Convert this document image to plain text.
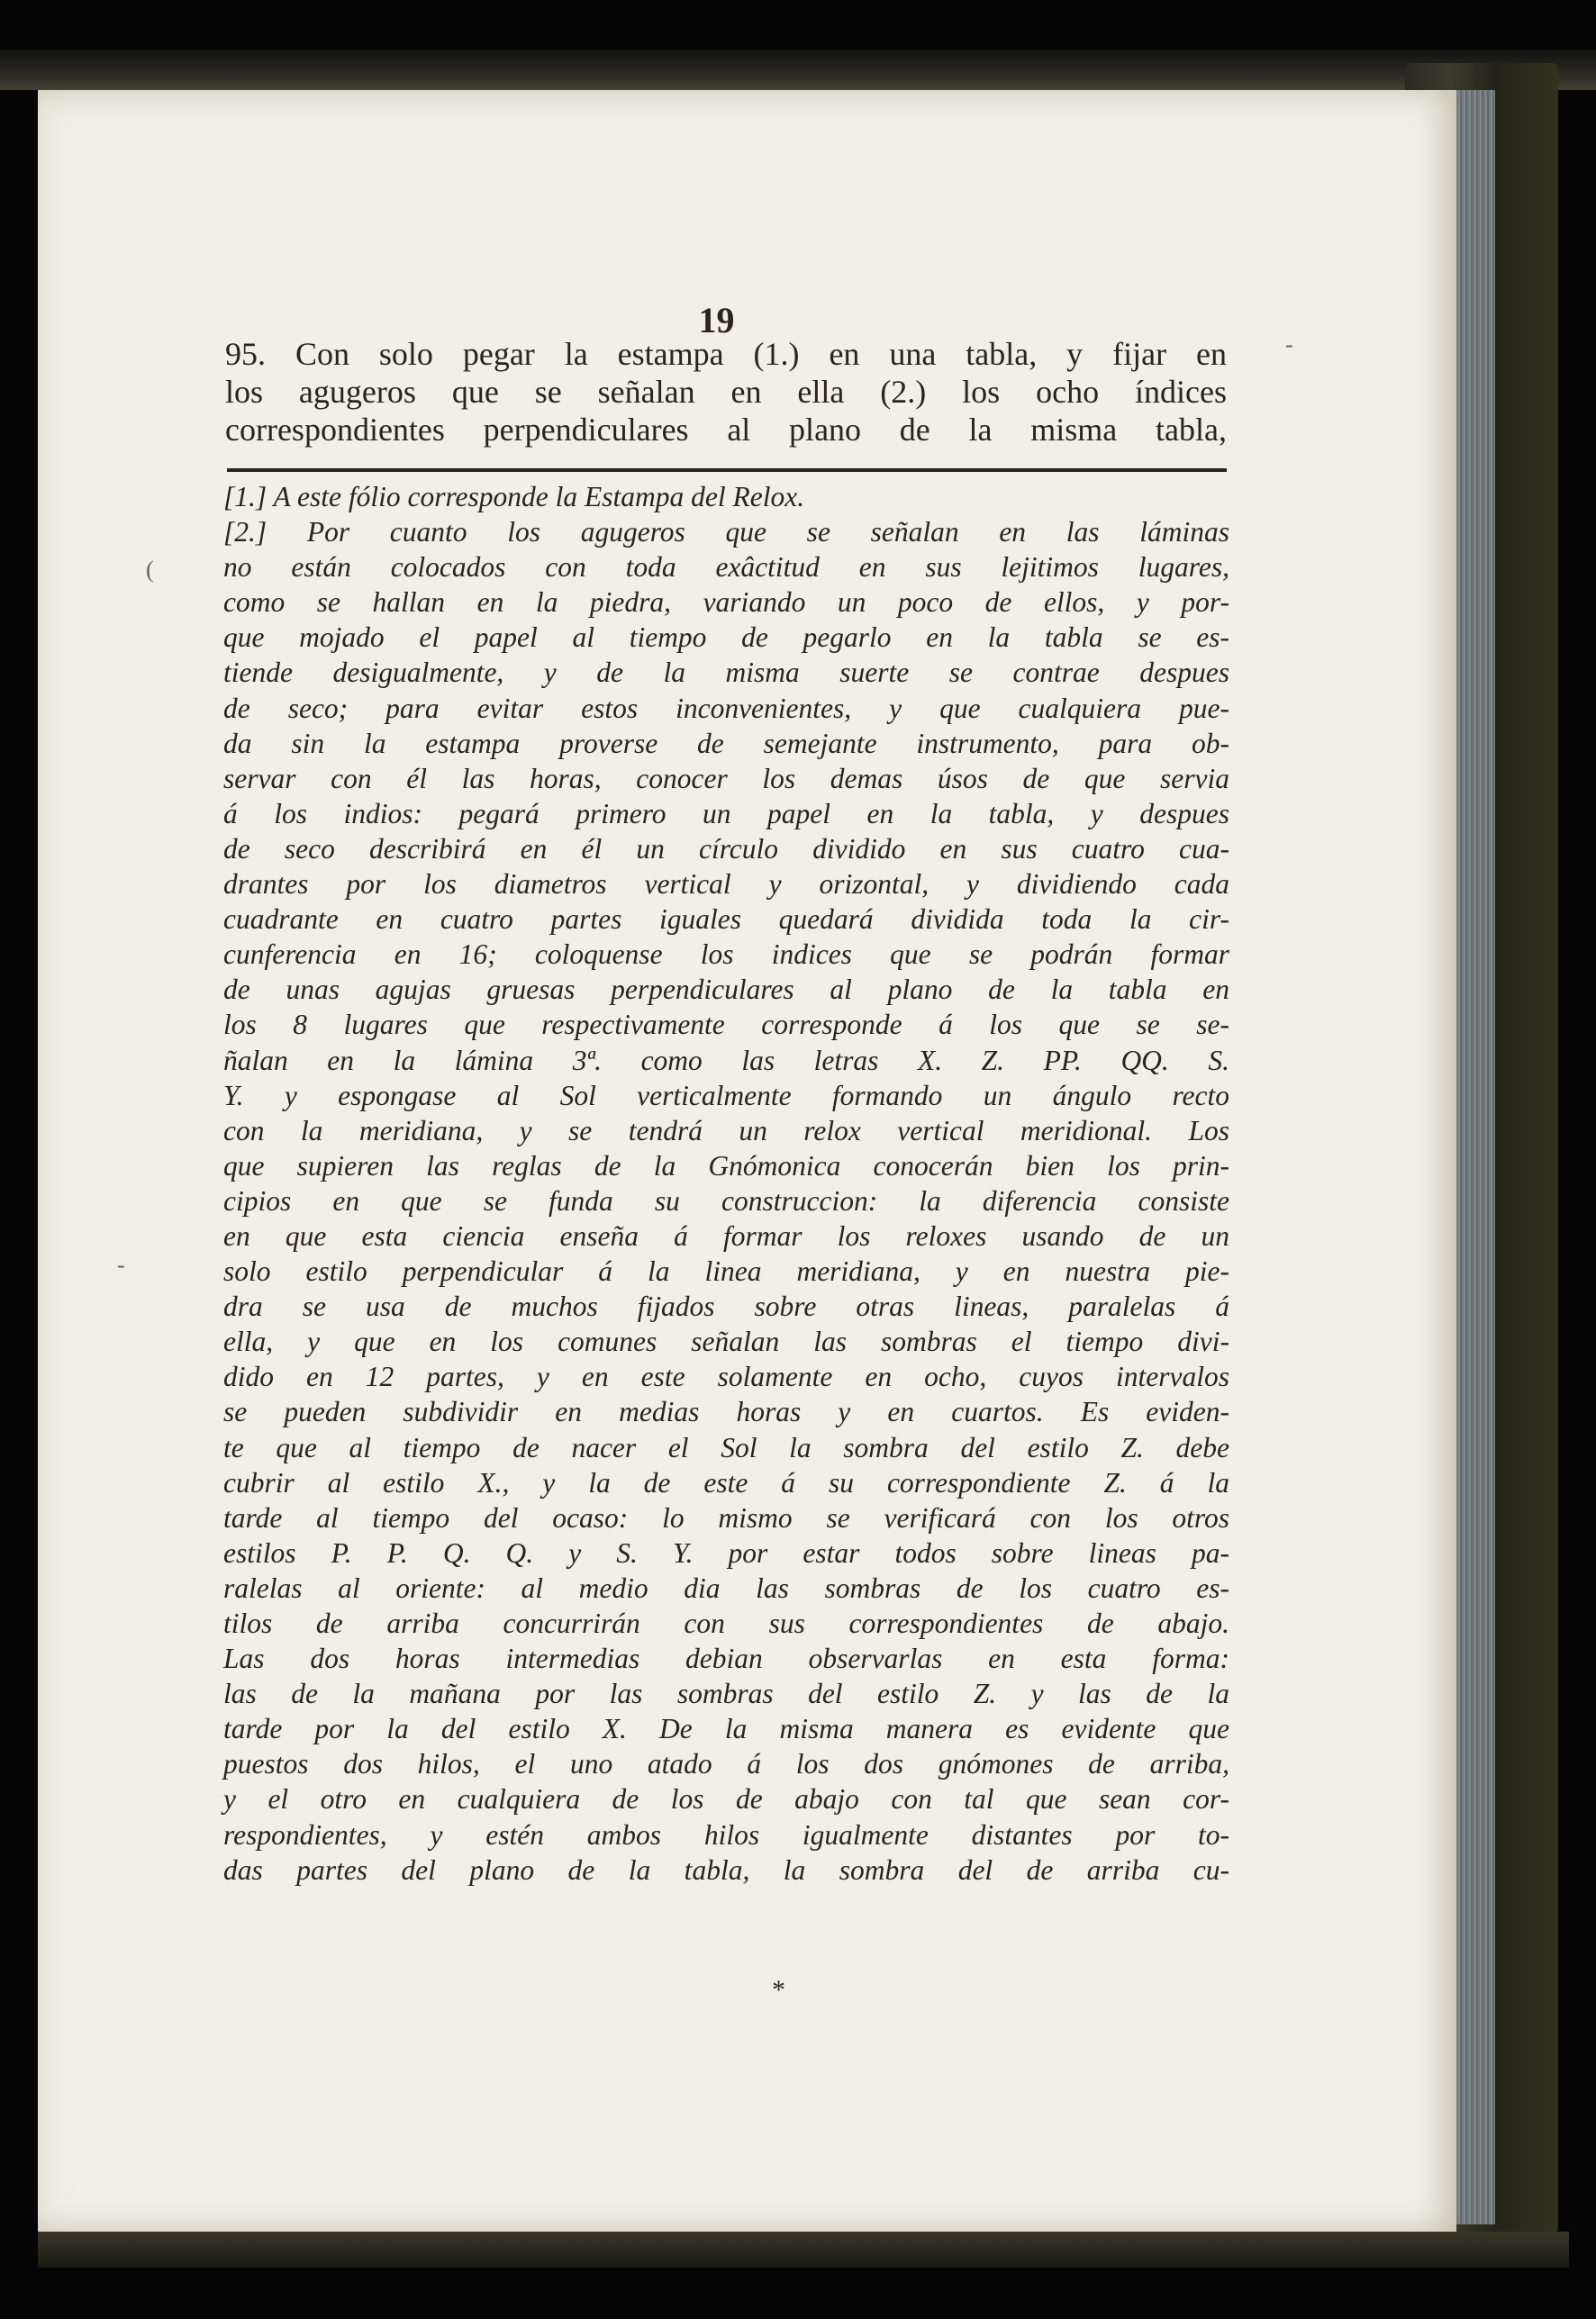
19
95. Con solo pegar la estampa (1.) en una tabla, y fijar en
los agugeros que se señalan en ella (2.) los ocho índices
correspondientes perpendiculares al plano de la misma tabla,
[1.] A este fólio corresponde la Estampa del Relox.
[2.] Por cuanto los agugeros que se señalan en las láminas
no están colocados con toda exâctitud en sus lejitimos lugares,
como se hallan en la piedra, variando un poco de ellos, y por-
que mojado el papel al tiempo de pegarlo en la tabla se es-
tiende desigualmente, y de la misma suerte se contrae despues
de seco; para evitar estos inconvenientes, y que cualquiera pue-
da sin la estampa proverse de semejante instrumento, para ob-
servar con él las horas, conocer los demas úsos de que servia
á los indios: pegará primero un papel en la tabla, y despues
de seco describirá en él un círculo dividido en sus cuatro cua-
drantes por los diametros vertical y orizontal, y dividiendo cada
cuadrante en cuatro partes iguales quedará dividida toda la cir-
cunferencia en 16; coloquense los indices que se podrán formar
de unas agujas gruesas perpendiculares al plano de la tabla en
los 8 lugares que respectivamente corresponde á los que se se-
ñalan en la lámina 3ª. como las letras X. Z. PP. QQ. S.
Y. y espongase al Sol verticalmente formando un ángulo recto
con la meridiana, y se tendrá un relox vertical meridional. Los
que supieren las reglas de la Gnómonica conocerán bien los prin-
cipios en que se funda su construccion: la diferencia consiste
en que esta ciencia enseña á formar los reloxes usando de un
solo estilo perpendicular á la linea meridiana, y en nuestra pie-
dra se usa de muchos fijados sobre otras lineas, paralelas á
ella, y que en los comunes señalan las sombras el tiempo divi-
dido en 12 partes, y en este solamente en ocho, cuyos intervalos
se pueden subdividir en medias horas y en cuartos. Es eviden-
te que al tiempo de nacer el Sol la sombra del estilo Z. debe
cubrir al estilo X., y la de este á su correspondiente Z. á la
tarde al tiempo del ocaso: lo mismo se verificará con los otros
estilos P. P. Q. Q. y S. Y. por estar todos sobre lineas pa-
ralelas al oriente: al medio dia las sombras de los cuatro es-
tilos de arriba concurrirán con sus correspondientes de abajo.
Las dos horas intermedias debian observarlas en esta forma:
las de la mañana por las sombras del estilo Z. y las de la
tarde por la del estilo X. De la misma manera es evidente que
puestos dos hilos, el uno atado á los dos gnómones de arriba,
y el otro en cualquiera de los de abajo con tal que sean cor-
respondientes, y estén ambos hilos igualmente distantes por to-
das partes del plano de la tabla, la sombra del de arriba cu-
*
(
-
-
